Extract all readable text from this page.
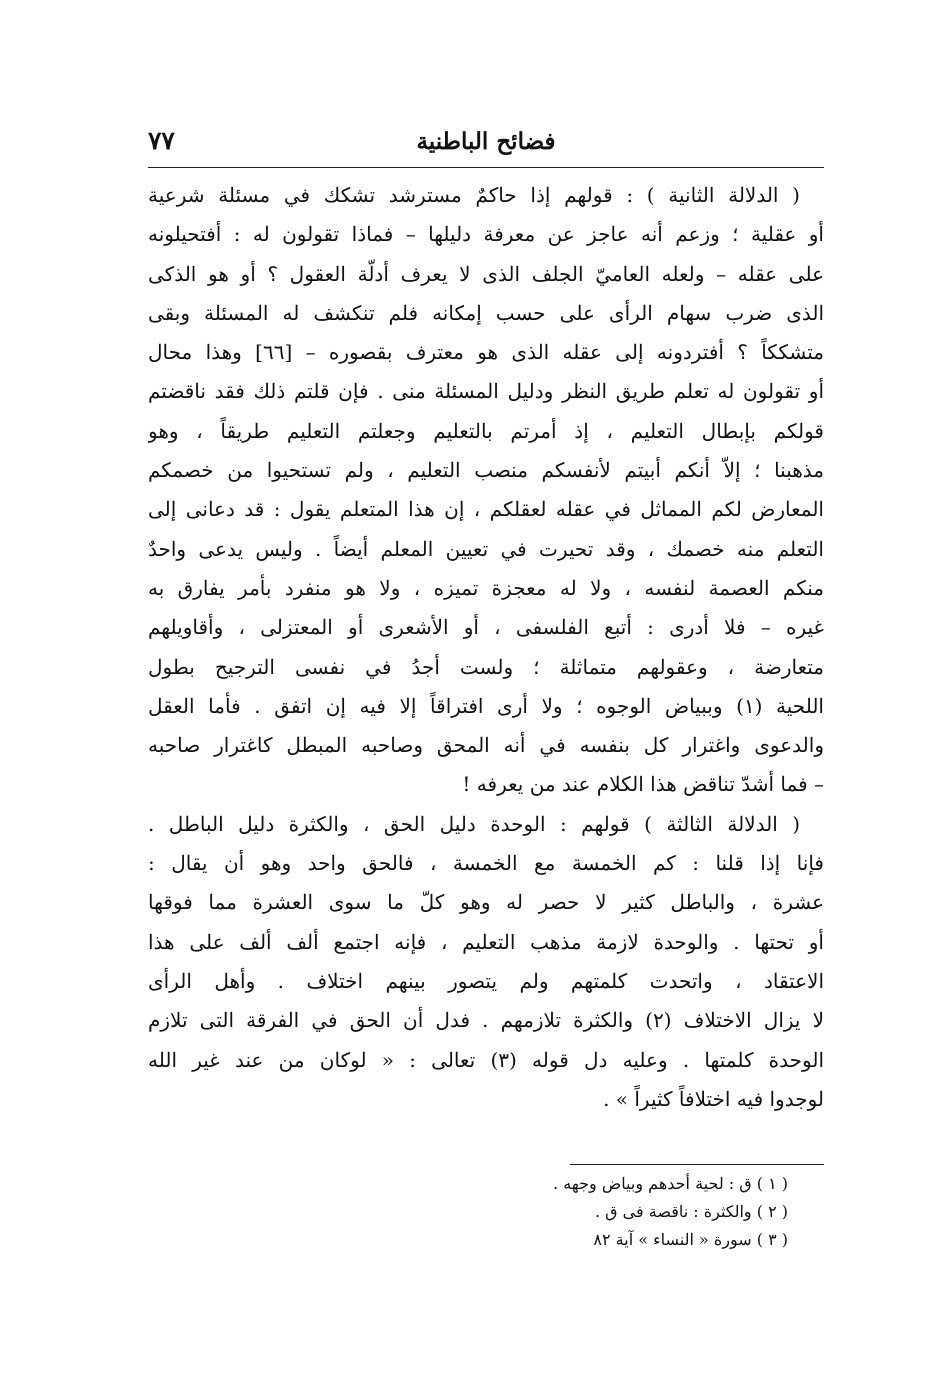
٧٧	فضائح الباطنية
( الدلالة الثانية ) : قولهم إذا حاكمٌ مسترشد تشكك في مسئلة شرعية
أو عقلية ؛ وزعم أنه عاجز عن معرفة دليلها – فماذا تقولون له : أفتحيلونه
على عقله – ولعله العاميّ الجلف الذى لا يعرف أدلّة العقول ؟ أو هو الذكى
الذى ضرب سهام الرأى على حسب إمكانه فلم تنكشف له المسئلة وبقى
متشككاً ؟ أفتردونه إلى عقله الذى هو معترف بقصوره – [٦٦] وهذا محال
أو تقولون له تعلم طريق النظر ودليل المسئلة منى . فإن قلتم ذلك فقد ناقضتم
قولكم بإبطال التعليم ، إذ أمرتم بالتعليم وجعلتم التعليم طريقاً ، وهو
مذهبنا ؛ إلاّ أنكم أبيتم لأنفسكم منصب التعليم ، ولم تستحيوا من خصمكم
المعارض لكم المماثل في عقله لعقلكم ، إن هذا المتعلم يقول : قد دعانى إلى
التعلم منه خصمك ، وقد تحيرت في تعيين المعلم أيضاً . وليس يدعى واحدٌ
منكم العصمة لنفسه ، ولا له معجزة تميزه ، ولا هو منفرد بأمر يفارق به
غيره – فلا أدرى : أتبع الفلسفى ، أو الأشعرى أو المعتزلى ، وأقاويلهم
متعارضة ، وعقولهم متماثلة ؛ ولست أجدُ في نفسى الترجيح بطول
اللحية (١) وببياض الوجوه ؛ ولا أرى افتراقاً إلا فيه إن اتفق . فأما العقل
والدعوى واغترار كل بنفسه في أنه المحق وصاحبه المبطل كاغترار صاحبه
– فما أشدّ تناقض هذا الكلام عند من يعرفه !
( الدلالة الثالثة ) قولهم : الوحدة دليل الحق ، والكثرة دليل الباطل .
فإنا إذا قلنا : كم الخمسة مع الخمسة ، فالحق واحد وهو أن يقال :
عشرة ، والباطل كثير لا حصر له وهو كلّ ما سوى العشرة مما فوقها
أو تحتها . والوحدة لازمة مذهب التعليم ، فإنه اجتمع ألف ألف على هذا
الاعتقاد ، واتحدت كلمتهم ولم يتصور بينهم اختلاف . وأهل الرأى
لا يزال الاختلاف (٢) والكثرة تلازمهم . فدل أن الحق في الفرقة التى تلازم
الوحدة كلمتها . وعليه دل قوله (٣) تعالى : « لوكان من عند غير الله
لوجدوا فيه اختلافاً كثيراً » .
( ١ ) ق : لحية أحدهم وبياض وجهه .
( ٢ ) والكثرة : ناقصة فى ق .
( ٣ ) سورة « النساء » آية ٨٢
